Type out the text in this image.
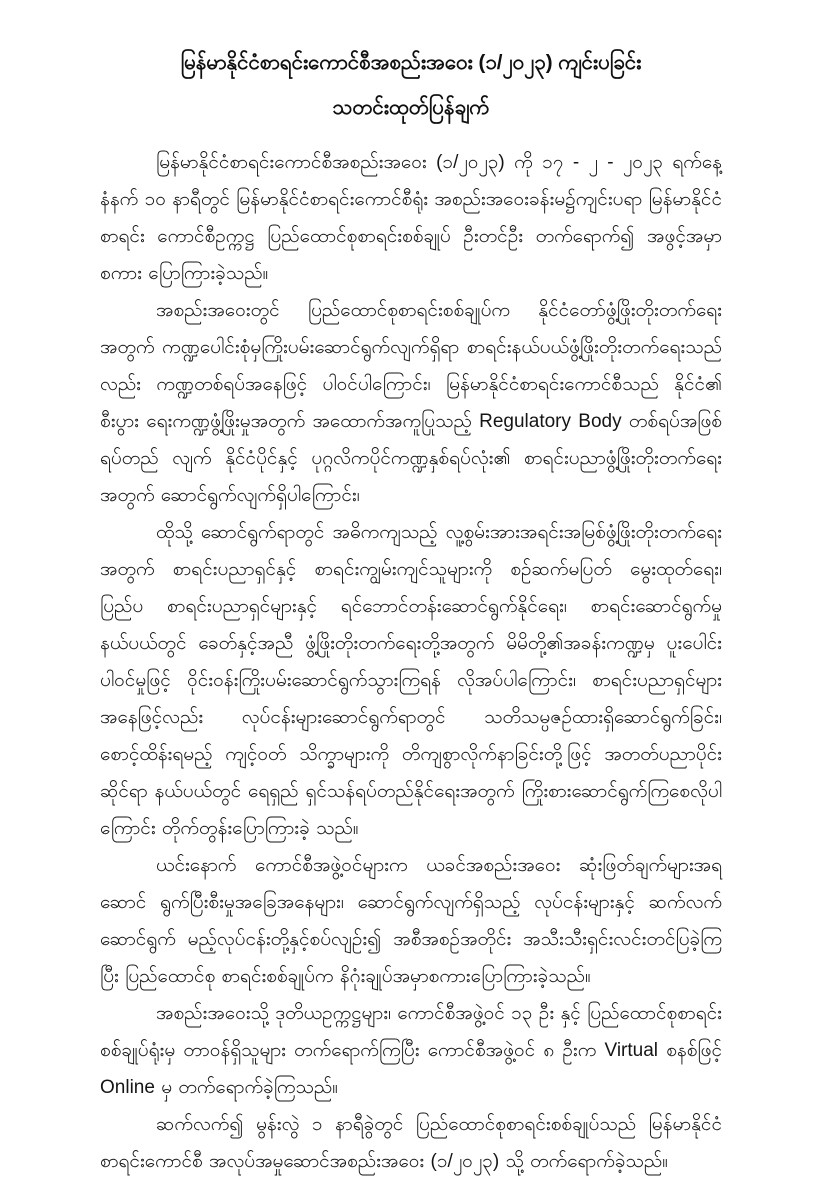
မြန်မာနိုင်ငံစာရင်းကောင်စီအစည်းအဝေး (၁/၂၀၂၃) ကျင်းပခြင်း
သတင်းထုတ်ပြန်ချက်

မြန်မာနိုင်ငံစာရင်းကောင်စီအစည်းအဝေး (၁/၂၀၂၃) ကို ၁၇ - ၂ - ၂၀၂၃ ရက်နေ့ နံနက် ၁၀ နာရီတွင် မြန်မာနိုင်ငံစာရင်းကောင်စီရုံး အစည်းအဝေးခန်းမ၌ကျင်းပရာ မြန်မာနိုင်ငံစာရင်း ကောင်စီဥက္ကဋ္ဌ ပြည်ထောင်စုစာရင်းစစ်ချုပ် ဦးတင်ဦး တက်ရောက်၍ အဖွင့်အမှာစကား ပြောကြားခဲ့သည်။

အစည်းအဝေးတွင် ပြည်ထောင်စုစာရင်းစစ်ချုပ်က နိုင်ငံတော်ဖွံ့ဖြိုးတိုးတက်ရေး အတွက် ကဏ္ဍပေါင်းစုံမှကြိုးပမ်းဆောင်ရွက်လျက်ရှိရာ စာရင်းနယ်ပယ်ဖွံ့ဖြိုးတိုးတက်ရေးသည် လည်း ကဏ္ဍတစ်ရပ်အနေဖြင့် ပါဝင်ပါကြောင်း၊ မြန်မာနိုင်ငံစာရင်းကောင်စီသည် နိုင်ငံ၏ စီးပွား ရေးကဏ္ဍဖွံ့ဖြိုးမှုအတွက် အထောက်အကူပြုသည့် Regulatory Body တစ်ရပ်အဖြစ် ရပ်တည် လျက် နိုင်ငံပိုင်နှင့် ပုဂ္ဂလိကပိုင်ကဏ္ဍနှစ်ရပ်လုံး၏ စာရင်းပညာဖွံ့ဖြိုးတိုးတက်ရေးအတွက် ဆောင်ရွက်လျက်ရှိပါကြောင်း၊

ထိုသို့ ဆောင်ရွက်ရာတွင် အဓိကကျသည့် လူ့စွမ်းအားအရင်းအမြစ်ဖွံ့ဖြိုးတိုးတက်ရေး အတွက် စာရင်းပညာရှင်နှင့် စာရင်းကျွမ်းကျင်သူများကို စဉ်ဆက်မပြတ် မွေးထုတ်ရေး၊ ပြည်ပ စာရင်းပညာရှင်များနှင့် ရင်ဘောင်တန်းဆောင်ရွက်နိုင်ရေး၊ စာရင်းဆောင်ရွက်မှု နယ်ပယ်တွင် ခေတ်နှင့်အညီ ဖွံ့ဖြိုးတိုးတက်ရေးတို့အတွက် မိမိတို့၏အခန်းကဏ္ဍမှ ပူးပေါင်းပါဝင်မှုဖြင့် ဝိုင်းဝန်းကြိုးပမ်းဆောင်ရွက်သွားကြရန် လိုအပ်ပါကြောင်း၊ စာရင်းပညာရှင်များအနေဖြင့်လည်း လုပ်ငန်းများဆောင်ရွက်ရာတွင် သတိသမ္ပဇဉ်ထားရှိဆောင်ရွက်ခြင်း၊ စောင့်ထိန်းရမည့် ကျင့်ဝတ် သိက္ခာများကို တိကျစွာလိုက်နာခြင်းတို့ဖြင့် အတတ်ပညာပိုင်းဆိုင်ရာ နယ်ပယ်တွင် ရေရှည် ရှင်သန်ရပ်တည်နိုင်ရေးအတွက် ကြိုးစားဆောင်ရွက်ကြစေလိုပါကြောင်း တိုက်တွန်းပြောကြားခဲ့ သည်။

ယင်းနောက် ကောင်စီအဖွဲ့ဝင်များက ယခင်အစည်းအဝေး ဆုံးဖြတ်ချက်များအရ ဆောင် ရွက်ပြီးစီးမှုအခြေအနေများ၊ ဆောင်ရွက်လျက်ရှိသည့် လုပ်ငန်းများနှင့် ဆက်လက်ဆောင်ရွက် မည့်လုပ်ငန်းတို့နှင့်စပ်လျဉ်း၍ အစီအစဉ်အတိုင်း အသီးသီးရှင်းလင်းတင်ပြခဲ့ကြပြီး ပြည်ထောင်စု စာရင်းစစ်ချုပ်က နိဂုံးချုပ်အမှာစကားပြောကြားခဲ့သည်။

အစည်းအဝေးသို့ ဒုတိယဥက္ကဋ္ဌများ၊ ကောင်စီအဖွဲ့ဝင် ၁၃ ဦး နှင့် ပြည်ထောင်စုစာရင်း စစ်ချုပ်ရုံးမှ တာဝန်ရှိသူများ တက်ရောက်ကြပြီး ကောင်စီအဖွဲ့ဝင် ၈ ဦးက Virtual စနစ်ဖြင့် Online မှ တက်ရောက်ခဲ့ကြသည်။

ဆက်လက်၍ မွန်းလွဲ ၁ နာရီခွဲတွင် ပြည်ထောင်စုစာရင်းစစ်ချုပ်သည် မြန်မာနိုင်ငံ စာရင်းကောင်စီ အလုပ်အမှုဆောင်အစည်းအဝေး (၁/၂၀၂၃) သို့ တက်ရောက်ခဲ့သည်။
